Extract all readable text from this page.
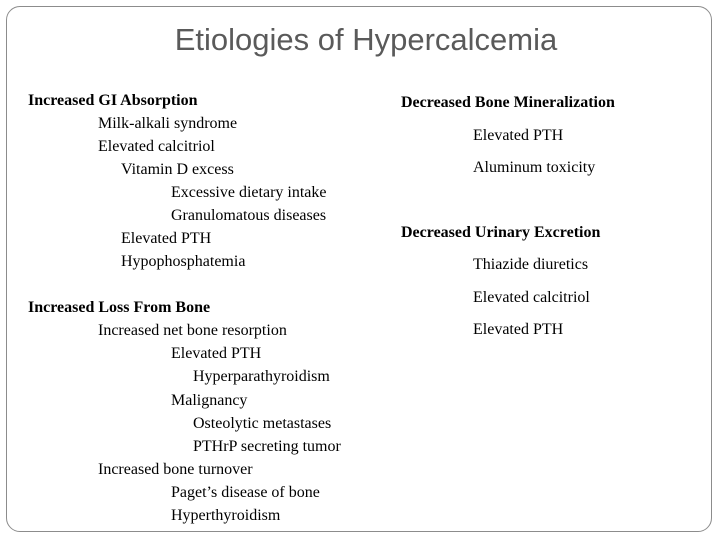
Etiologies of Hypercalcemia
Increased GI Absorption
Milk-alkali syndrome
Elevated calcitriol
Vitamin D excess
Excessive dietary intake
Granulomatous diseases
Elevated PTH
Hypophosphatemia
Increased Loss From Bone
Increased net bone resorption
Elevated PTH
Hyperparathyroidism
Malignancy
Osteolytic metastases
PTHrP secreting tumor
Increased bone turnover
Paget’s disease of bone
Hyperthyroidism
Decreased Bone Mineralization
Elevated PTH
Aluminum toxicity
Decreased Urinary Excretion
Thiazide diuretics
Elevated calcitriol
Elevated PTH
